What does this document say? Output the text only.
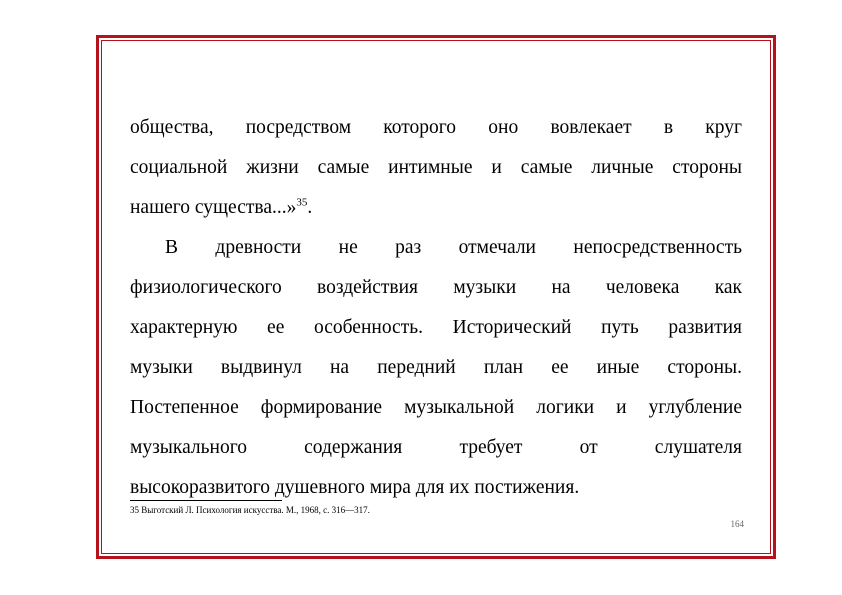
общества, посредством которого оно вовлекает в круг
социальной жизни самые интимные и самые личные стороны
нашего существа...»$^{35}$.
В древности не раз отмечали непосредственность
физиологического воздействия музыки на человека как
характерную ее особенность. Исторический путь развития
музыки выдвинул на передний план ее иные стороны.
Постепенное формирование музыкальной логики и углубление
музыкального содержания требует от слушателя
высокоразвитого душевного мира для их постижения.
35 Выготский Л. Психология искусства. М., 1968, с. 316—317.
164
